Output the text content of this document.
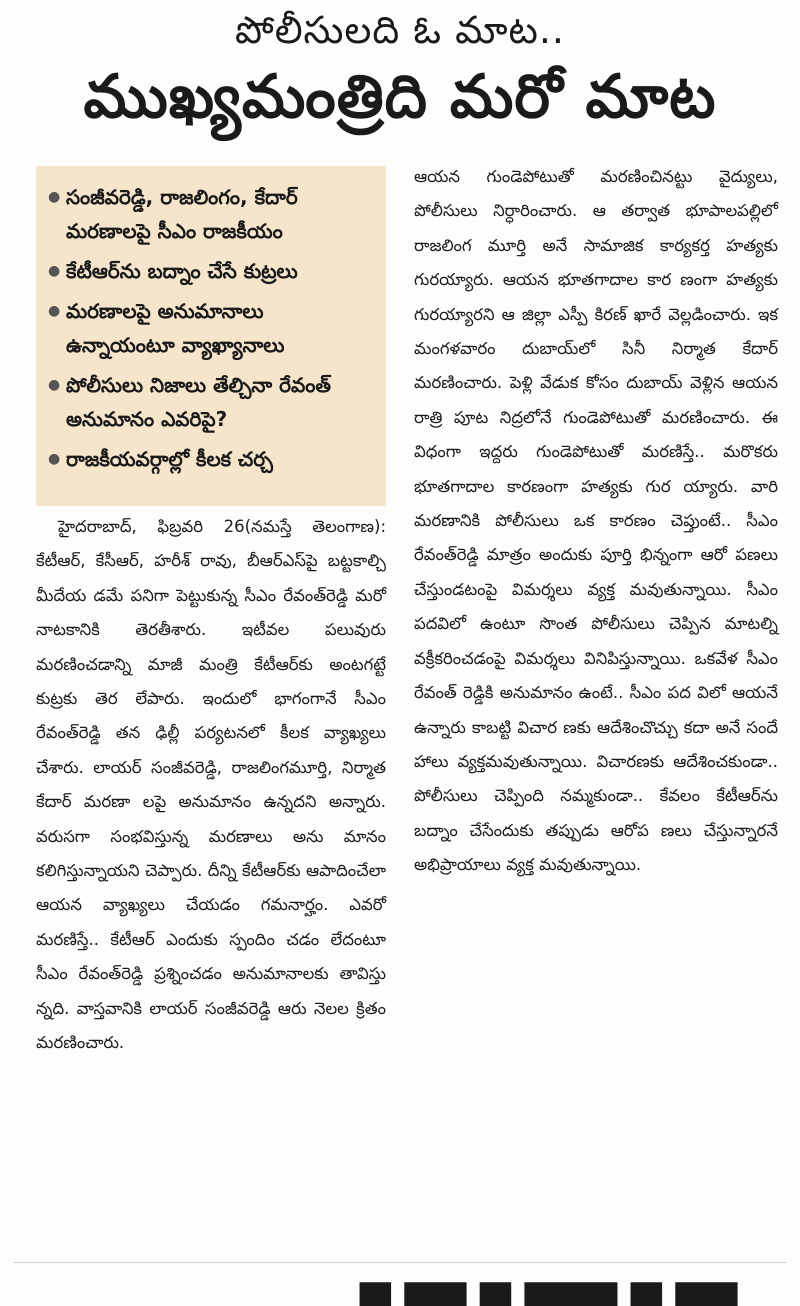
పోలీసులది ఓ మాట..
ముఖ్యమంత్రిది మరో మాట
● సంజీవరెడ్డి, రాజలింగం, కేదార్ మరణాలపై సీఎం రాజకీయం
● కేటీఆర్‌ను బద్నాం చేసే కుట్రలు
● మరణాలపై అనుమానాలు ఉన్నాయంటూ వ్యాఖ్యానాలు
● పోలీసులు నిజాలు తేల్చినా రేవంత్ అనుమానం ఎవరిపై?
● రాజకీయవర్గాల్లో కీలక చర్చ

హైదరాబాద్, ఫిబ్రవరి 26(నమస్తే తెలంగాణ): కేటీఆర్, కేసీఆర్, హరీశ్ రావు, బీఆర్‌ఎస్‌పై బట్టకాల్చి మీదేయ డమే పనిగా పెట్టుకున్న సీఎం రేవంత్‌రెడ్డి మరో నాటకానికి తెరతీశారు. ఇటీవల పలువురు మరణించడాన్ని మాజీ మంత్రి కేటీఆర్‌కు అంటగట్టే కుట్రకు తెర లేపారు. ఇందులో భాగంగానే సీఎం రేవంత్‌రెడ్డి తన ఢిల్లీ పర్యటనలో కీలక వ్యాఖ్యలు చేశారు. లాయర్ సంజీవరెడ్డి, రాజలింగమూర్తి, నిర్మాత కేదార్ మరణా లపై అనుమానం ఉన్నదని అన్నారు. వరుసగా సంభవిస్తున్న మరణాలు అను మానం కలిగిస్తున్నాయని చెప్పారు. దీన్ని కేటీఆర్‌కు ఆపాదించేలా ఆయన వ్యాఖ్యలు చేయడం గమనార్హం. ఎవరో మరణిస్తే.. కేటీఆర్ ఎందుకు స్పందిం చడం లేదంటూ సీఎం రేవంత్‌రెడ్డి ప్రశ్నించడం అనుమానాలకు తావిస్తు న్నది. వాస్తవానికి లాయర్ సంజీవరెడ్డి ఆరు నెలల క్రితం మరణించారు.

ఆయన గుండెపోటుతో మరణించినట్టు వైద్యులు, పోలీసులు నిర్ధారించారు. ఆ తర్వాత భూపాలపల్లిలో రాజలింగ మూర్తి అనే సామాజిక కార్యకర్త హత్యకు గురయ్యారు. ఆయన భూతగాదాల కార ణంగా హత్యకు గురయ్యారని ఆ జిల్లా ఎస్పీ కిరణ్ ఖారే వెల్లడించారు. ఇక మంగళవారం దుబాయ్‌లో సినీ నిర్మాత కేదార్ మరణించారు. పెళ్లి వేడుక కోసం దుబాయ్ వెళ్లిన ఆయన రాత్రి పూట నిద్రలోనే గుండెపోటుతో మరణించారు. ఈ విధంగా ఇద్దరు గుండెపోటుతో మరణిస్తే.. మరొకరు భూతగాదాల కారణంగా హత్యకు గుర య్యారు. వారి మరణానికి పోలీసులు ఒక కారణం చెప్తుంటే.. సీఎం రేవంత్‌రెడ్డి మాత్రం అందుకు పూర్తి భిన్నంగా ఆరో పణలు చేస్తుండటంపై విమర్శలు వ్యక్త మవుతున్నాయి. సీఎం పదవిలో ఉంటూ సొంత పోలీసులు చెప్పిన మాటల్ని వక్రీకరించడంపై విమర్శలు వినిపిస్తున్నాయి. ఒకవేళ సీఎం రేవంత్ రెడ్డికి అనుమానం ఉంటే.. సీఎం పద విలో ఆయనే ఉన్నారు కాబట్టి విచార ణకు ఆదేశించొచ్చు కదా అనే సందే హాలు వ్యక్తమవుతున్నాయి. విచారణకు ఆదేశించకుండా.. పోలీసులు చెప్పింది నమ్మకుండా.. కేవలం కేటీఆర్‌ను బద్నాం చేసేందుకు తప్పుడు ఆరోప ణలు చేస్తున్నారనే అభిప్రాయాలు వ్యక్త మవుతున్నాయి.

▄ ▄▄ ▄ ▄▄▄ ▄ ▄▄
